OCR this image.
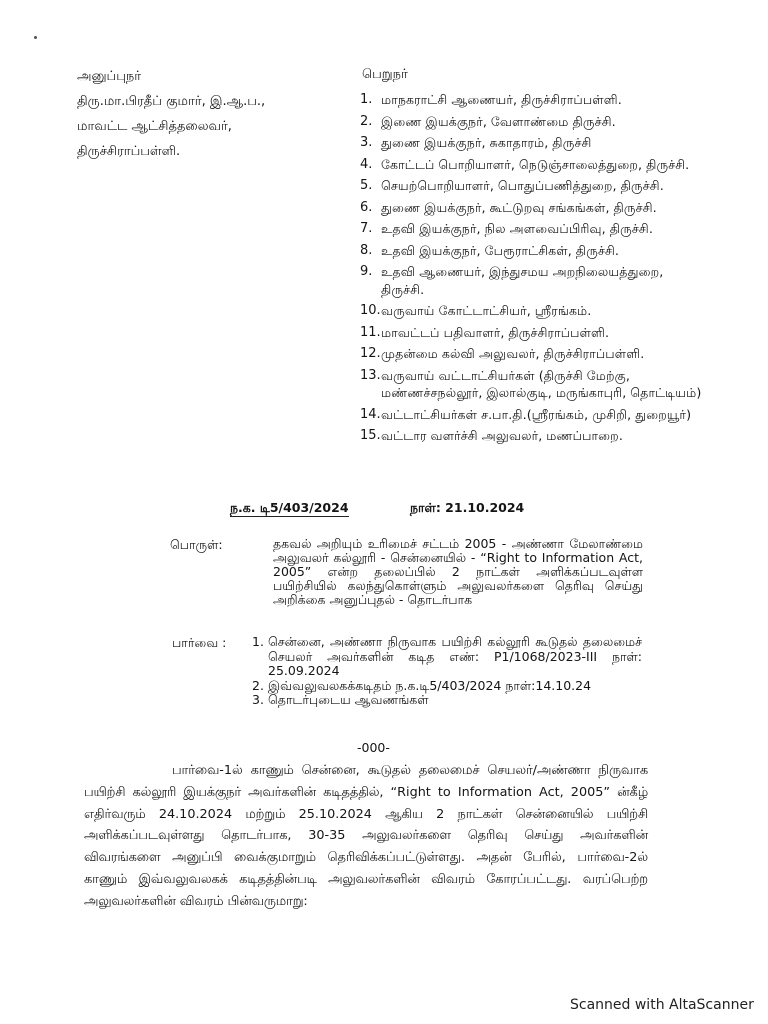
அனுப்புநர்
திரு.மா.பிரதீப் குமார், இ.ஆ.ப.,
மாவட்ட ஆட்சித்தலைவர்,
திருச்சிராப்பள்ளி.
பெறுநர்
1. மாநகராட்சி ஆணையர், திருச்சிராப்பள்ளி.
2. இணை இயக்குநர், வேளாண்மை திருச்சி.
3. துணை இயக்குநர், சுகாதாரம், திருச்சி
4. கோட்டப் பொறியாளர், நெடுஞ்சாலைத்துறை, திருச்சி.
5. செயற்பொறியாளர், பொதுப்பணித்துறை, திருச்சி.
6. துணை இயக்குநர், கூட்டுறவு சங்கங்கள், திருச்சி.
7. உதவி இயக்குநர், நில அளவைப்பிரிவு, திருச்சி.
8. உதவி இயக்குநர், பேரூராட்சிகள், திருச்சி.
9. உதவி ஆணையர், இந்துசமய அறநிலையத்துறை, திருச்சி.
10. வருவாய் கோட்டாட்சியர், ஸ்ரீரங்கம்.
11. மாவட்டப் பதிவாளர், திருச்சிராப்பள்ளி.
12. முதன்மை கல்வி அலுவலர், திருச்சிராப்பள்ளி.
13. வருவாய் வட்டாட்சியர்கள் (திருச்சி மேற்கு, மண்ணச்சநல்லூர், இலால்குடி, மருங்காபுரி, தொட்டியம்)
14. வட்டாட்சியர்கள் ச.பா.தி.(ஸ்ரீரங்கம், முசிறி, துறையூர்)
15. வட்டார வளர்ச்சி அலுவலர், மணப்பாறை.
ந.க. டி5/403/2024	நாள்: 21.10.2024
பொருள்:	தகவல் அறியும் உரிமைச் சட்டம் 2005 - அண்ணா மேலாண்மை அலுவலர் கல்லூரி - சென்னையில் - “Right to Information Act, 2005” என்ற தலைப்பில் 2 நாட்கள் அளிக்கப்படவுள்ள பயிற்சியில் கலந்துகொள்ளும் அலுவலர்களை தெரிவு செய்து அறிக்கை அனுப்புதல் - தொடர்பாக
பார்வை : 1. சென்னை, அண்ணா நிருவாக பயிற்சி கல்லூரி கூடுதல் தலைமைச் செயலர் அவர்களின் கடித எண்: P1/1068/2023-III நாள்: 25.09.2024
2. இவ்வலுவலகக்கடிதம் ந.க.டி5/403/2024 நாள்:14.10.24
3. தொடர்புடைய ஆவணங்கள்
-000-
பார்வை-1ல் காணும் சென்னை, கூடுதல் தலைமைச் செயலர்/அண்ணா நிருவாக பயிற்சி கல்லூரி இயக்குநர் அவர்களின் கடிதத்தில், “Right to Information Act, 2005” ன்கீழ் எதிர்வரும் 24.10.2024 மற்றும் 25.10.2024 ஆகிய 2 நாட்கள் சென்னையில் பயிற்சி அளிக்கப்படவுள்ளது தொடர்பாக, 30-35 அலுவலர்களை தெரிவு செய்து அவர்களின் விவரங்களை அனுப்பி வைக்குமாறும் தெரிவிக்கப்பட்டுள்ளது. அதன் பேரில், பார்வை-2ல் காணும் இவ்வலுவலகக் கடிதத்தின்படி அலுவலர்களின் விவரம் கோரப்பட்டது. வரப்பெற்ற அலுவலர்களின் விவரம் பின்வருமாறு:
Scanned with AltaScanner
